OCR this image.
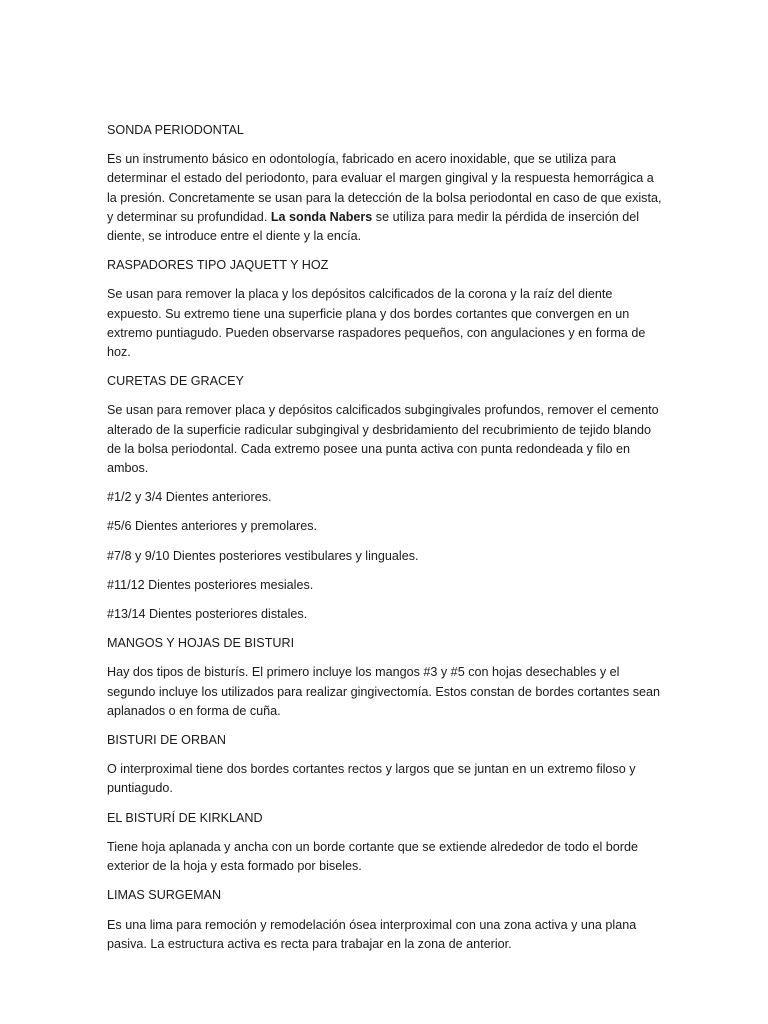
SONDA PERIODONTAL

Es un instrumento básico en odontología, fabricado en acero inoxidable, que se utiliza para determinar el estado del periodonto, para evaluar el margen gingival y la respuesta hemorrágica a la presión. Concretamente se usan para la detección de la bolsa periodontal en caso de que exista, y determinar su profundidad. La sonda Nabers se utiliza para medir la pérdida de inserción del diente, se introduce entre el diente y la encía.

RASPADORES TIPO JAQUETT Y HOZ

Se usan para remover la placa y los depósitos calcificados de la corona y la raíz del diente expuesto. Su extremo tiene una superficie plana y dos bordes cortantes que convergen en un extremo puntiagudo. Pueden observarse raspadores pequeños, con angulaciones y en forma de hoz.

CURETAS DE GRACEY

Se usan para remover placa y depósitos calcificados subgingivales profundos, remover el cemento alterado de la superficie radicular subgingival y desbridamiento del recubrimiento de tejido blando de la bolsa periodontal. Cada extremo posee una punta activa con punta redondeada y filo en ambos.

#1/2 y 3/4 Dientes anteriores.

#5/6 Dientes anteriores y premolares.

#7/8 y 9/10 Dientes posteriores vestibulares y linguales.

#11/12 Dientes posteriores mesiales.

#13/14 Dientes posteriores distales.

MANGOS Y HOJAS DE BISTURI

Hay dos tipos de bisturís. El primero incluye los mangos #3 y #5 con hojas desechables y el segundo incluye los utilizados para realizar gingivectomía. Estos constan de bordes cortantes sean aplanados o en forma de cuña.

BISTURI DE ORBAN

O interproximal tiene dos bordes cortantes rectos y largos que se juntan en un extremo filoso y puntiagudo.

EL BISTURÍ DE KIRKLAND

Tiene hoja aplanada y ancha con un borde cortante que se extiende alrededor de todo el borde exterior de la hoja y esta formado por biseles.

LIMAS SURGEMAN

Es una lima para remoción y remodelación ósea interproximal con una zona activa y una plana pasiva. La estructura activa es recta para trabajar en la zona de anterior.
